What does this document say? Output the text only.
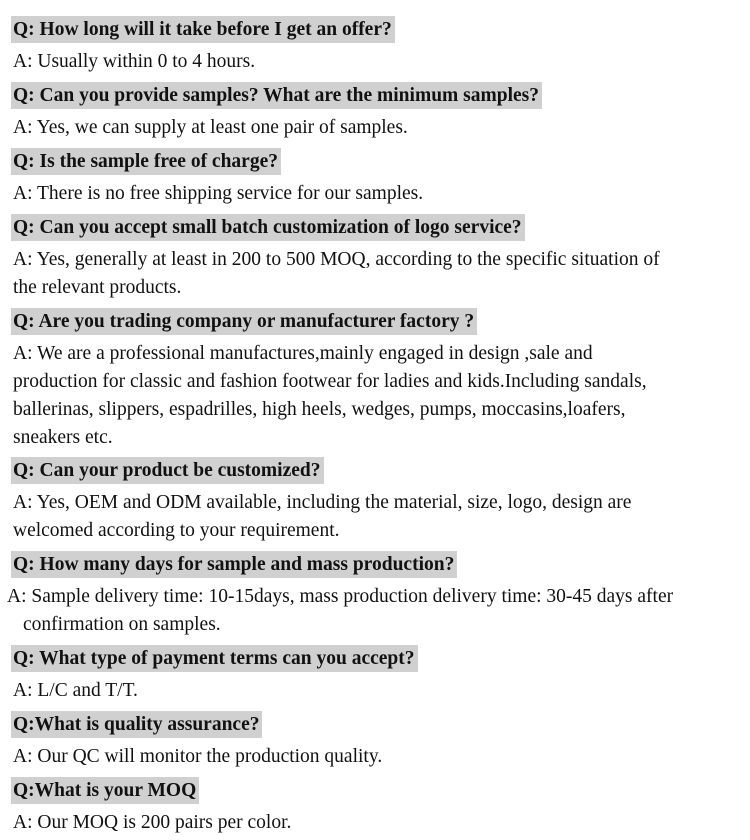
Q: How long will it take before I get an offer?
A: Usually within 0 to 4 hours.
Q: Can you provide samples? What are the minimum samples?
A: Yes, we can supply at least one pair of samples.
Q: Is the sample free of charge?
A: There is no free shipping service for our samples.
Q: Can you accept small batch customization of logo service?
A: Yes, generally at least in 200 to 500 MOQ, according to the specific situation of
the relevant products.
Q: Are you trading company or manufacturer factory ?
A: We are a professional manufactures,mainly engaged in design ,sale and
production for classic and fashion footwear for ladies and kids.Including sandals,
ballerinas, slippers, espadrilles, high heels, wedges, pumps, moccasins,loafers,
sneakers etc.
Q: Can your product be customized?
A: Yes, OEM and ODM available, including the material, size, logo, design are
welcomed according to your requirement.
Q: How many days for sample and mass production?
A: Sample delivery time: 10-15days, mass production delivery time: 30-45 days after
confirmation on samples.
Q: What type of payment terms can you accept?
A: L/C and T/T.
Q:What is quality assurance?
A: Our QC will monitor the production quality.
Q:What is your MOQ
A: Our MOQ is 200 pairs per color.
